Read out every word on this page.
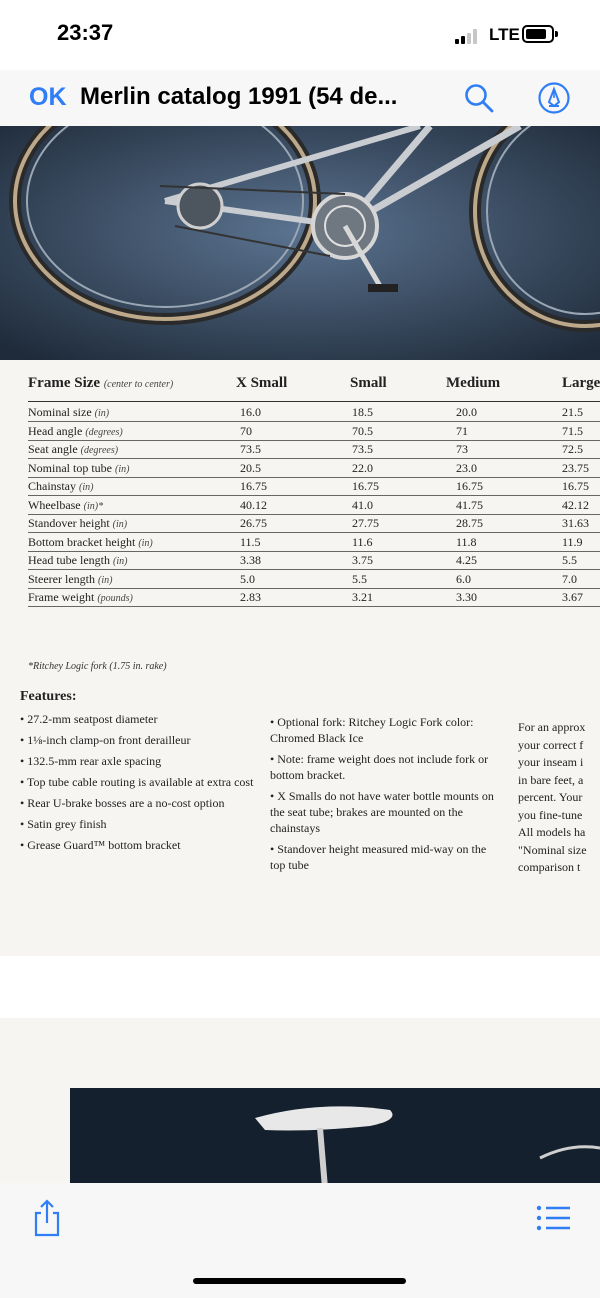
23:37	LTE
OK Merlin catalog 1991 (54 de...
Frame Size (center to center)	X Small	Small	Medium	Large
Nominal size (in)	16.0	18.5	20.0	21.5
Head angle (degrees)	70	70.5	71	71.5
Seat angle (degrees)	73.5	73.5	73	72.5
Nominal top tube (in)	20.5	22.0	23.0	23.75
Chainstay (in)	16.75	16.75	16.75	16.75
Wheelbase (in)*	40.12	41.0	41.75	42.12
Standover height (in)	26.75	27.75	28.75	31.63
Bottom bracket height (in)	11.5	11.6	11.8	11.9
Head tube length (in)	3.38	3.75	4.25	5.5
Steerer length (in)	5.0	5.5	6.0	7.0
Frame weight (pounds)	2.83	3.21	3.30	3.67
*Ritchey Logic fork (1.75 in. rake)
Features:
• 27.2-mm seatpost diameter
• 1⅛-inch clamp-on front derailleur
• 132.5-mm rear axle spacing
• Top tube cable routing is available at extra cost
• Rear U-brake bosses are a no-cost option
• Satin grey finish
• Grease Guard™ bottom bracket
• Optional fork: Ritchey Logic Fork color: Chromed Black Ice
• Note: frame weight does not include fork or bottom bracket.
• X Smalls do not have water bottle mounts on the seat tube; brakes are mounted on the chainstays
• Standover height measured mid-way on the top tube
For an approx
your correct f
your inseam i
in bare feet, a
percent. Your
you fine-tune
All models ha
"Nominal size
comparison t
